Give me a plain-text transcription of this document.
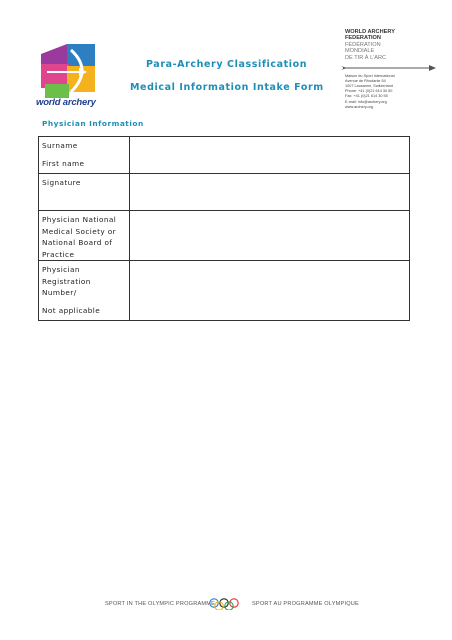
world archery
Para-Archery Classification
Medical Information Intake Form
WORLD ARCHERY
FEDERATION
FÉDÉRATION
MONDIALE
DE TIR À L'ARC
Maison du Sport International
Avenue de Rhodanie 54
1007 Lausanne, Switzerland
Phone: +41 (0)21 614 30 50
Fax: +41 (0)21 614 30 55
E-mail: info@archery.org
www.archery.org
Physician Information
Surname
First name
Signature
Physician National
Medical Society or
National Board of
Practice
Physician
Registration
Number/
Not applicable
SPORT IN THE OLYMPIC PROGRAMME	SPORT AU PROGRAMME OLYMPIQUE
